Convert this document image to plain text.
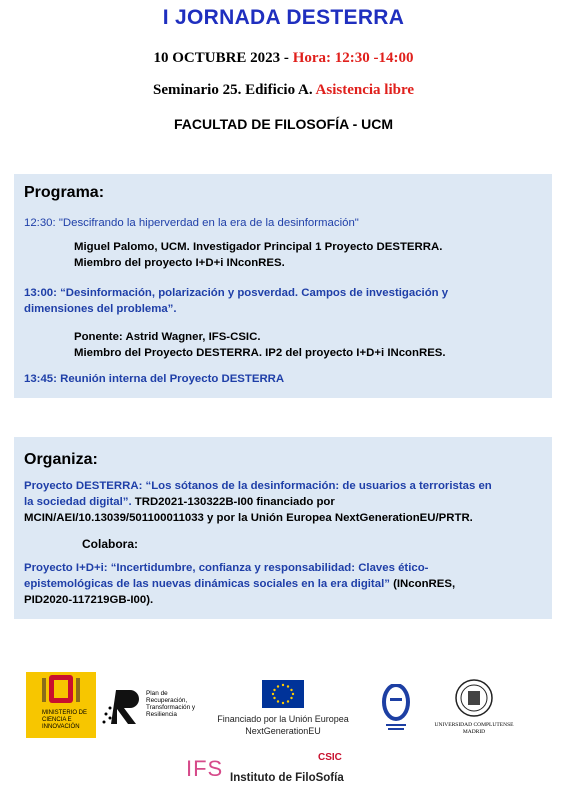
I JORNADA DESTERRA
10 OCTUBRE 2023 - Hora: 12:30 -14:00
Seminario 25. Edificio A. Asistencia libre
FACULTAD DE FILOSOFÍA - UCM
Programa:
12:30: "Descifrando la hiperverdad en la era de la desinformación"
Miguel Palomo, UCM. Investigador Principal 1 Proyecto DESTERRA.
Miembro del proyecto I+D+i INconRES.
13:00: “Desinformación, polarización y posverdad. Campos de investigación y
dimensiones del problema”.
Ponente: Astrid Wagner, IFS-CSIC.
Miembro del Proyecto DESTERRA. IP2 del proyecto I+D+i INconRES.
13:45: Reunión interna del Proyecto DESTERRA
Organiza:
Proyecto DESTERRA: “Los sótanos de la desinformación: de usuarios a terroristas en
la sociedad digital”. TRD2021-130322B-I00 financiado por
MCIN/AEI/10.13039/501100011033 y por la Unión Europea NextGenerationEU/PRTR.
Colabora:
Proyecto I+D+i: “Incertidumbre, confianza y responsabilidad: Claves ético-
epistemológicas de las nuevas dinámicas sociales en la era digital” (INconRES,
PID2020-117219GB-I00).
MINISTERIO DE CIENCIA E INNOVACIÓN
Plan de Recuperación, Transformación y Resiliencia	Financiado por la Unión Europea
NextGenerationEU
UNIVERSIDAD COMPLUTENSE MADRID
IFS	CSIC
Instituto de FiloSofía
